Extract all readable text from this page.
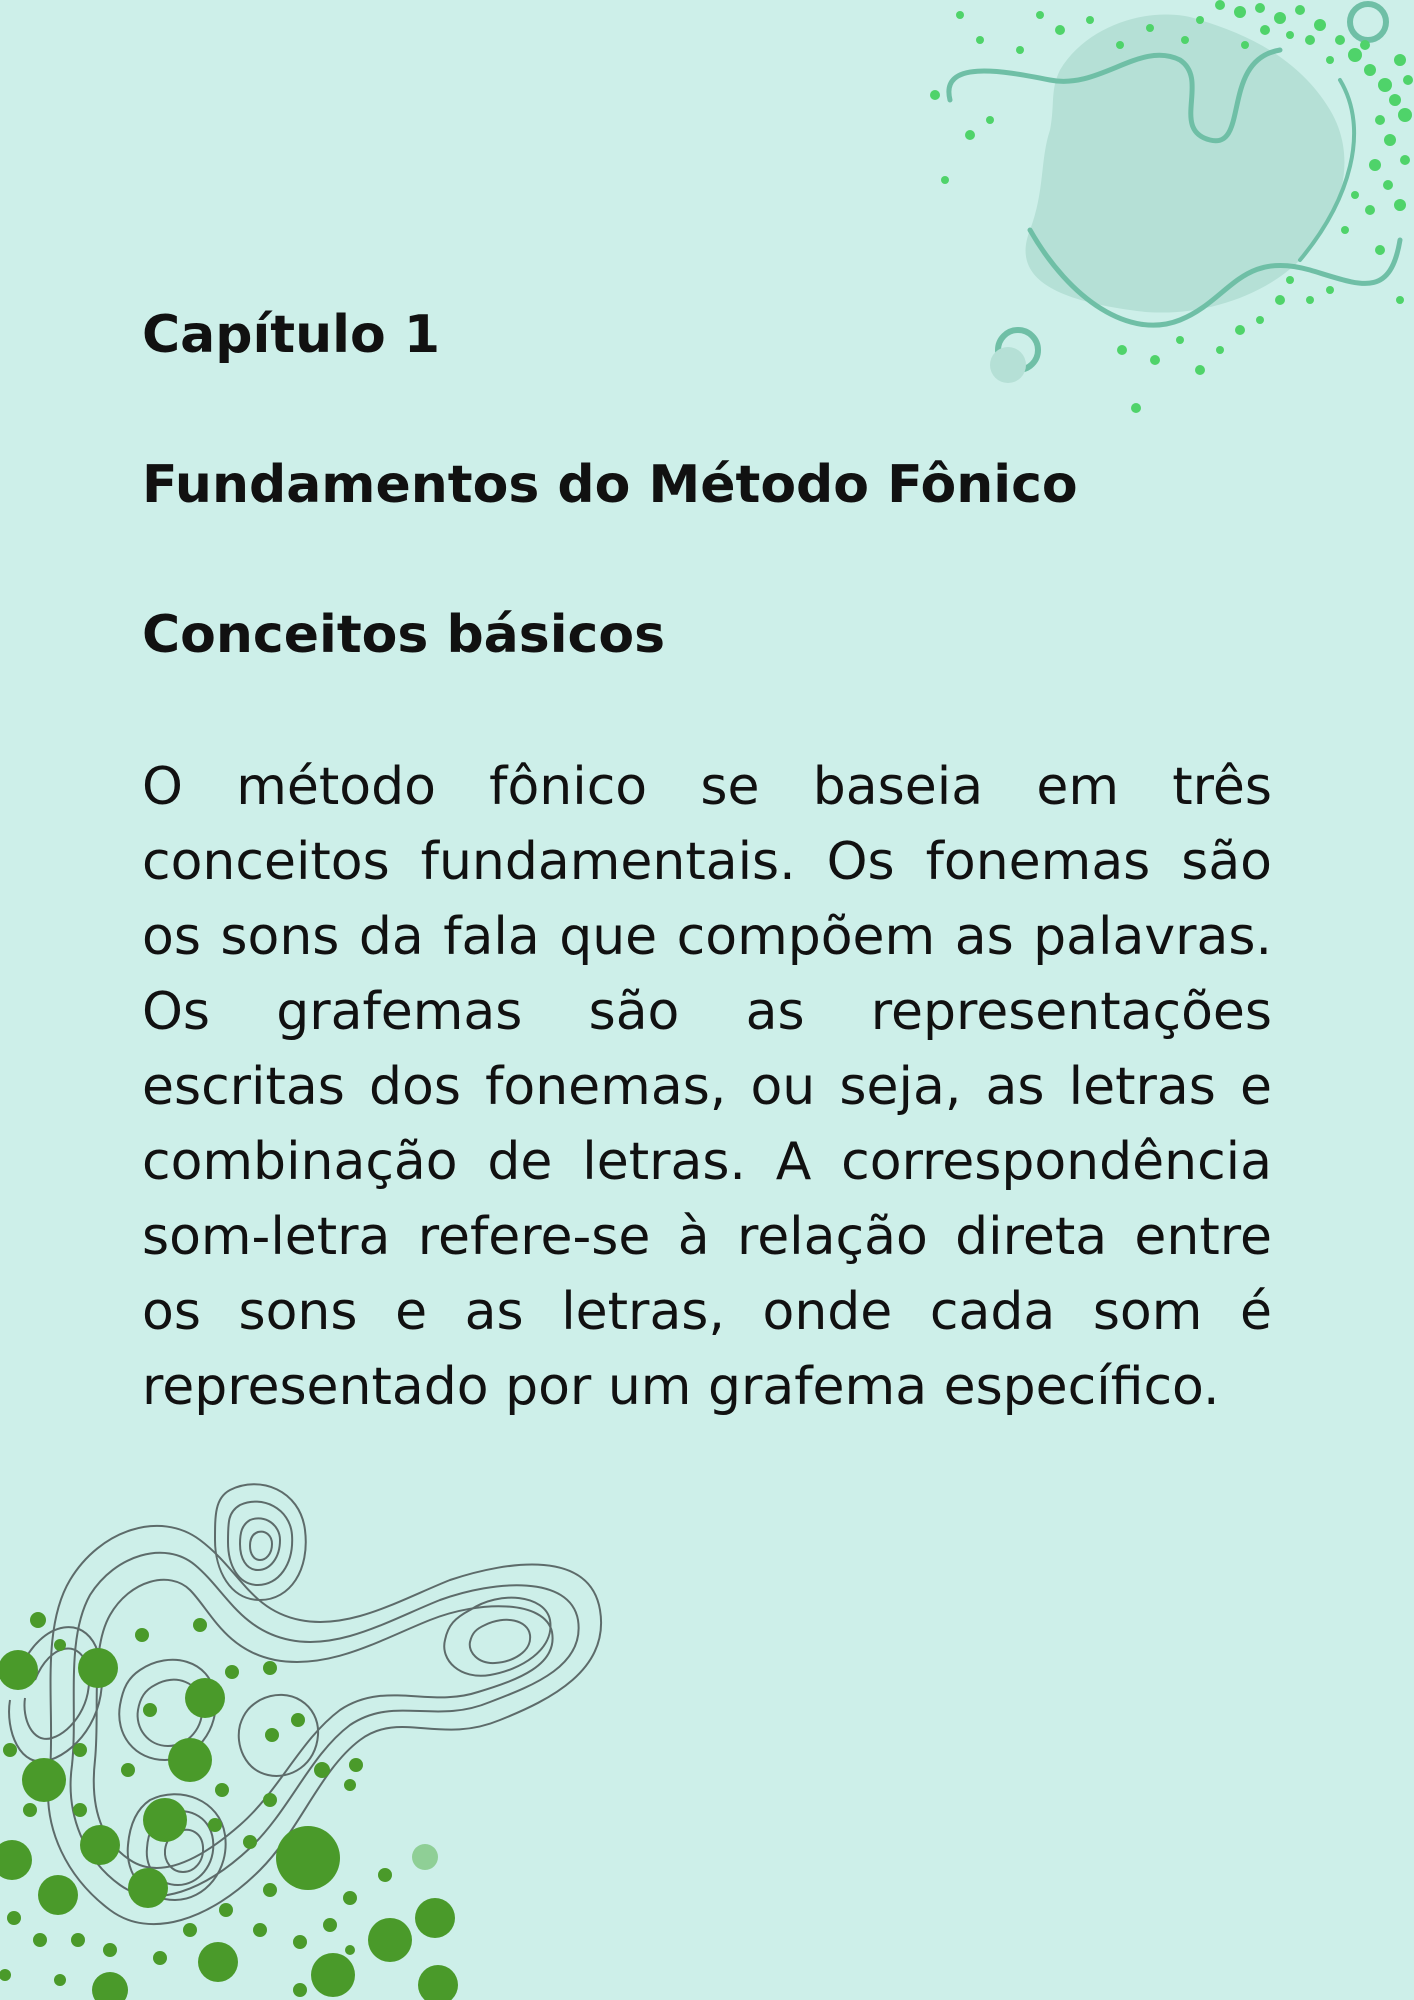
Capítulo 1
Fundamentos do Método Fônico
Conceitos básicos

O método fônico se baseia em três conceitos fundamentais. Os fonemas são os sons da fala que compõem as palavras. Os grafemas são as representações escritas dos fonemas, ou seja, as letras e combinação de letras. A correspondência som-letra refere-se à relação direta entre os sons e as letras, onde cada som é representado por um grafema específico.
